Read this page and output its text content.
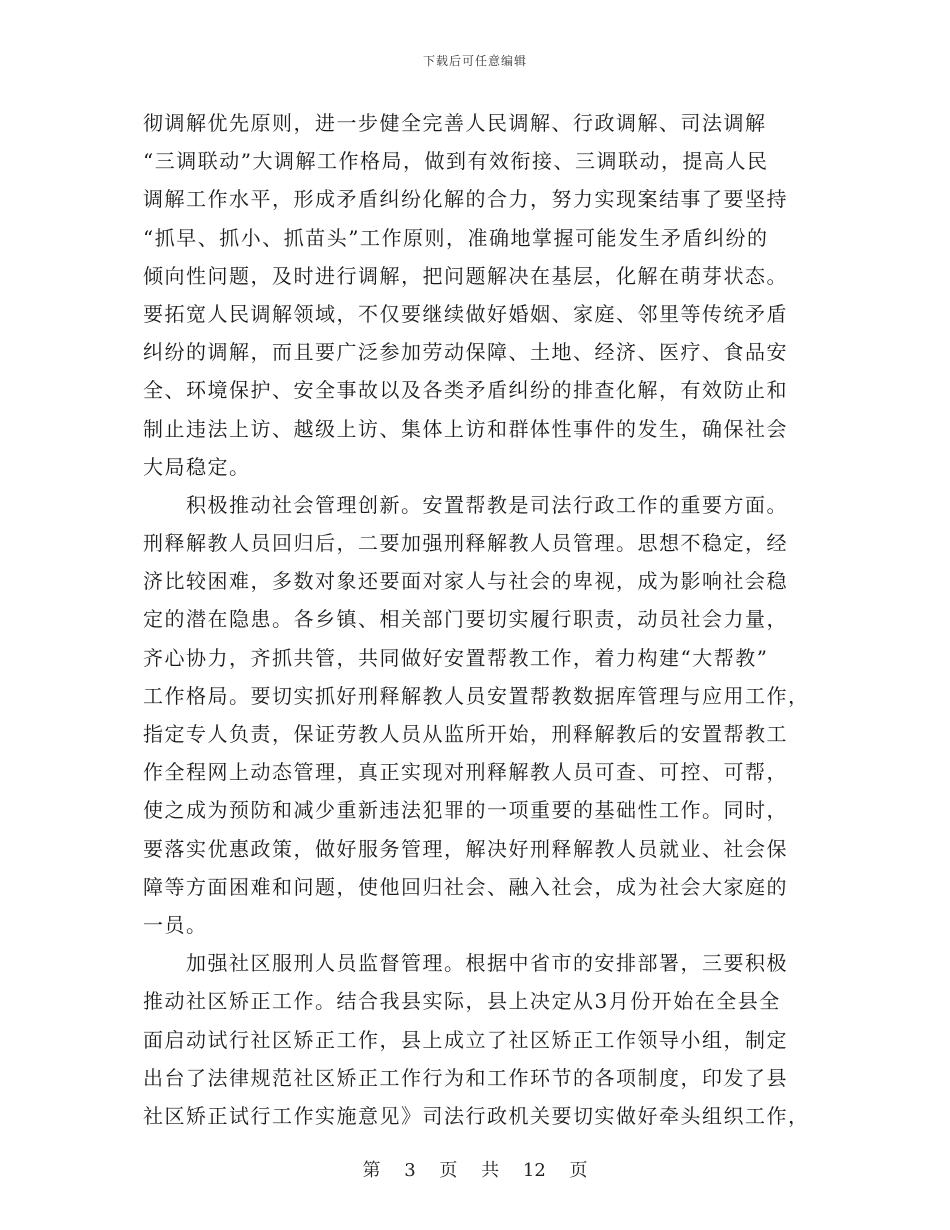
下载后可任意编辑
彻调解优先原则，进一步健全完善人民调解、行政调解、司法调解
“三调联动”大调解工作格局，做到有效衔接、三调联动，提高人民
调解工作水平，形成矛盾纠纷化解的合力，努力实现案结事了要坚持
“抓早、抓小、抓苗头”工作原则，准确地掌握可能发生矛盾纠纷的
倾向性问题，及时进行调解，把问题解决在基层，化解在萌芽状态。
要拓宽人民调解领域，不仅要继续做好婚姻、家庭、邻里等传统矛盾
纠纷的调解，而且要广泛参加劳动保障、土地、经济、医疗、食品安
全、环境保护、安全事故以及各类矛盾纠纷的排查化解，有效防止和
制止违法上访、越级上访、集体上访和群体性事件的发生，确保社会
大局稳定。
　　积极推动社会管理创新。安置帮教是司法行政工作的重要方面。
刑释解教人员回归后，二要加强刑释解教人员管理。思想不稳定，经
济比较困难，多数对象还要面对家人与社会的卑视，成为影响社会稳
定的潜在隐患。各乡镇、相关部门要切实履行职责，动员社会力量，
齐心协力，齐抓共管，共同做好安置帮教工作，着力构建“大帮教”
工作格局。要切实抓好刑释解教人员安置帮教数据库管理与应用工作，
指定专人负责，保证劳教人员从监所开始，刑释解教后的安置帮教工
作全程网上动态管理，真正实现对刑释解教人员可查、可控、可帮，
使之成为预防和减少重新违法犯罪的一项重要的基础性工作。同时，
要落实优惠政策，做好服务管理，解决好刑释解教人员就业、社会保
障等方面困难和问题，使他回归社会、融入社会，成为社会大家庭的
一员。
　　加强社区服刑人员监督管理。根据中省市的安排部署，三要积极
推动社区矫正工作。结合我县实际，县上决定从3月份开始在全县全
面启动试行社区矫正工作，县上成立了社区矫正工作领导小组，制定
出台了法律规范社区矫正工作行为和工作环节的各项制度，印发了县
社区矫正试行工作实施意见》司法行政机关要切实做好牵头组织工作，
第 3 页 共 12 页
